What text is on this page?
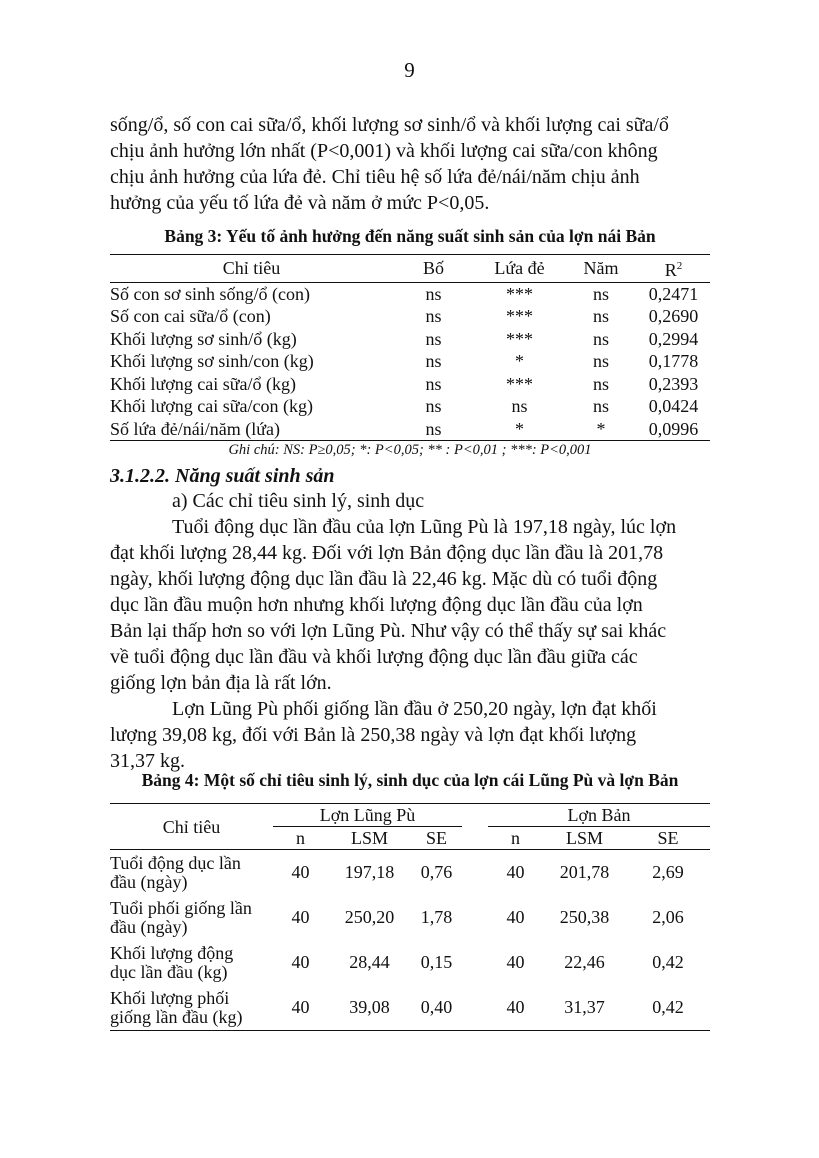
9

sống/ổ, số con cai sữa/ổ, khối lượng sơ sinh/ổ và khối lượng cai sữa/ổ

chịu ảnh hưởng lớn nhất (P<0,001) và khối lượng cai sữa/con không

chịu ảnh hưởng của lứa đẻ. Chỉ tiêu hệ số lứa đẻ/nái/năm chịu ảnh

hưởng của yếu tố lứa đẻ và năm ở mức P<0,05.

Bảng 3: Yếu tố ảnh hưởng đến năng suất sinh sản của lợn nái Bản

Chỉ tiêu	Bố	Lứa đẻ	Năm	$R^2$
Số con sơ sinh sống/ổ (con)	ns	***	ns	0,2471
Số con cai sữa/ổ (con)	ns	***	ns	0,2690
Khối lượng sơ sinh/ổ (kg)	ns	***	ns	0,2994
Khối lượng sơ sinh/con (kg)	ns	*	ns	0,1778
Khối lượng cai sữa/ổ (kg)	ns	***	ns	0,2393
Khối lượng cai sữa/con (kg)	ns	ns	ns	0,0424
Số lứa đẻ/nái/năm (lứa)	ns	*	*	0,0996

Ghi chú: NS: P≥0,05; *: P<0,05; ** : P<0,01 ; ***: P<0,001

3.1.2.2. Năng suất sinh sản

a) Các chỉ tiêu sinh lý, sinh dục

Tuổi động dục lần đầu của lợn Lũng Pù là 197,18 ngày, lúc lợn

đạt khối lượng 28,44 kg. Đối với lợn Bản động dục lần đầu là 201,78

ngày, khối lượng động dục lần đầu là 22,46 kg. Mặc dù có tuổi động

dục lần đầu muộn hơn nhưng khối lượng động dục lần đầu của lợn

Bản lại thấp hơn so với lợn Lũng Pù. Như vậy có thể thấy sự sai khác

về tuổi động dục lần đầu và khối lượng động dục lần đầu giữa các

giống lợn bản địa là rất lớn.

Lợn Lũng Pù phối giống lần đầu ở 250,20 ngày, lợn đạt khối

lượng 39,08 kg, đối với Bản là 250,38 ngày và lợn đạt khối lượng

31,37 kg.

Bảng 4: Một số chỉ tiêu sinh lý, sinh dục của lợn cái Lũng Pù và lợn Bản

Chỉ tiêu	Lợn Lũng Pù				Lợn Bản		
	n	LSM	SE		n	LSM	SE
Tuổi động dục lần
đầu (ngày)	40	197,18	0,76		40	201,78	2,69
Tuổi phối giống lần
đầu (ngày)	40	250,20	1,78		40	250,38	2,06
Khối lượng động
dục lần đầu (kg)	40	28,44	0,15		40	22,46	0,42
Khối lượng phối
giống lần đầu (kg)	40	39,08	0,40		40	31,37	0,42
